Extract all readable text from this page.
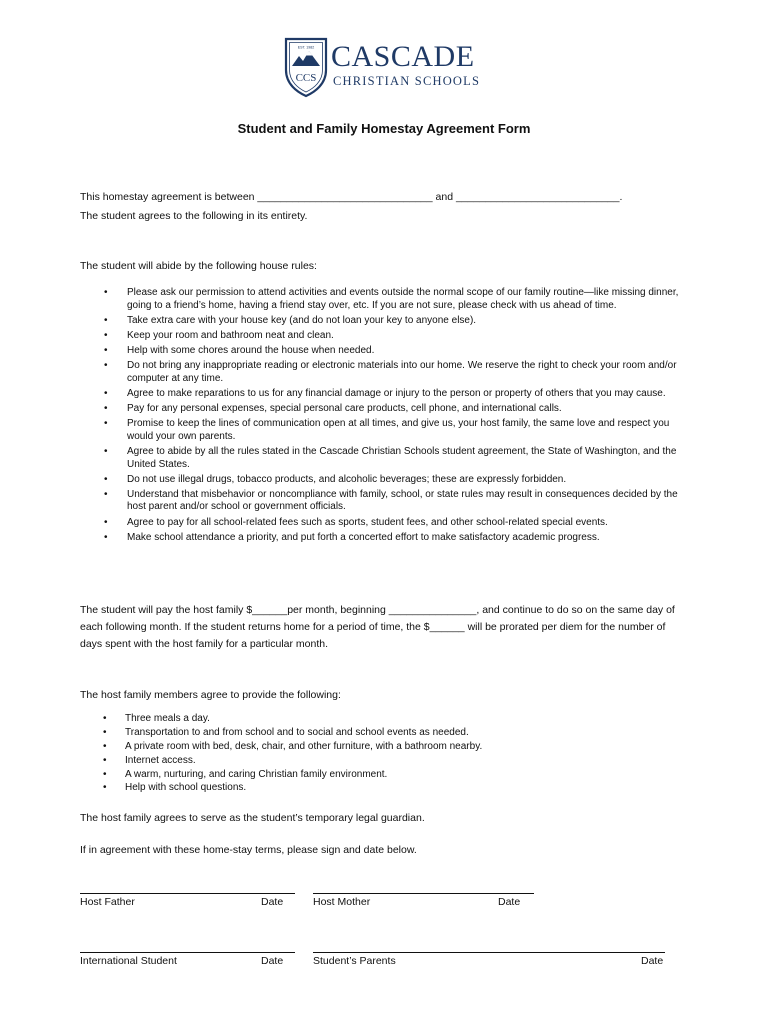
EST. 1982
CCS
CASCADE
CHRISTIAN SCHOOLS
Student and Family Homestay Agreement Form
This homestay agreement is between ______________________________ and ____________________________.
The student agrees to the following in its entirety.
The student will abide by the following house rules:
• Please ask our permission to attend activities and events outside the normal scope of our family routine—like missing dinner, going to a friend’s home, having a friend stay over, etc. If you are not sure, please check with us ahead of time.
• Take extra care with your house key (and do not loan your key to anyone else).
• Keep your room and bathroom neat and clean.
• Help with some chores around the house when needed.
• Do not bring any inappropriate reading or electronic materials into our home. We reserve the right to check your room and/or computer at any time.
• Agree to make reparations to us for any financial damage or injury to the person or property of others that you may cause.
• Pay for any personal expenses, special personal care products, cell phone, and international calls.
• Promise to keep the lines of communication open at all times, and give us, your host family, the same love and respect you would your own parents.
• Agree to abide by all the rules stated in the Cascade Christian Schools student agreement, the State of Washington, and the United States.
• Do not use illegal drugs, tobacco products, and alcoholic beverages; these are expressly forbidden.
• Understand that misbehavior or noncompliance with family, school, or state rules may result in consequences decided by the host parent and/or school or government officials.
• Agree to pay for all school-related fees such as sports, student fees, and other school-related special events.
• Make school attendance a priority, and put forth a concerted effort to make satisfactory academic progress.
The student will pay the host family $______per month, beginning _______________, and continue to do so on the same day of each following month. If the student returns home for a period of time, the $______ will be prorated per diem for the number of days spent with the host family for a particular month.
The host family members agree to provide the following:
• Three meals a day.
• Transportation to and from school and to social and school events as needed.
• A private room with bed, desk, chair, and other furniture, with a bathroom nearby.
• Internet access.
• A warm, nurturing, and caring Christian family environment.
• Help with school questions.
The host family agrees to serve as the student’s temporary legal guardian.
If in agreement with these home-stay terms, please sign and date below.
Host Father	Date	Host Mother	Date
International Student	Date	Student’s Parents	Date
